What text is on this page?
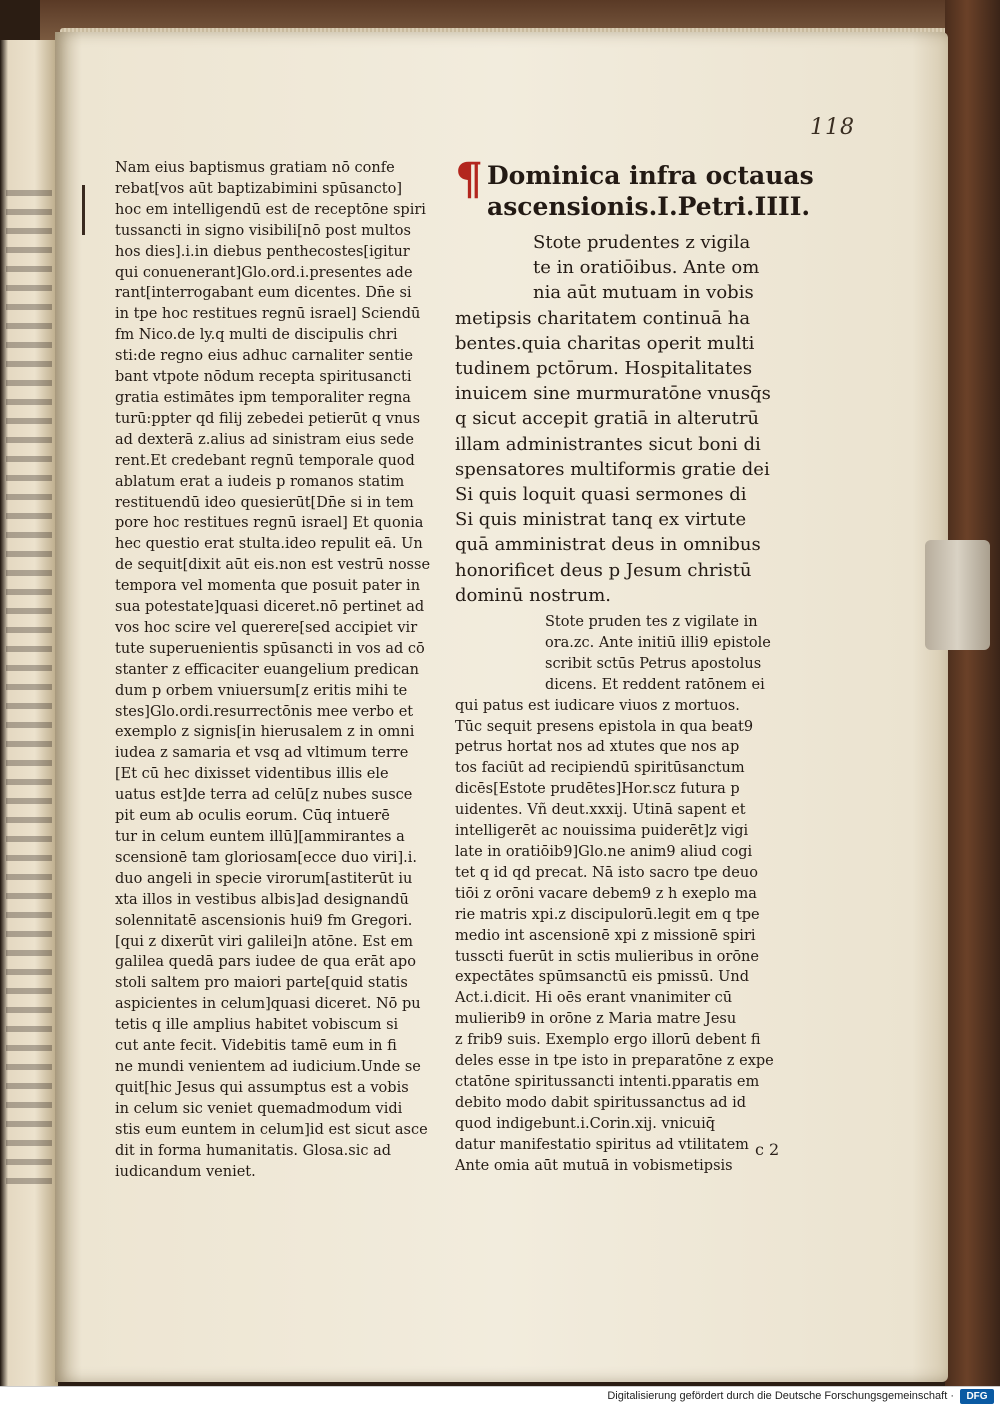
118
Nam eius baptismus gratiam nō confe
rebat[vos aūt baptizabimini spūsancto]
hoc em intelligendū est de receptōne spiri
tussancti in signo visibili[nō post multos
hos dies].i.in diebus penthecostes[igitur
qui conuenerant]Glo.ord.i.presentes ade
rant[interrogabant eum dicentes. Dn̄e si
in tpe hoc restitues regnū israel] Sciendū
fm Nico.de ly.q multi de discipulis chri
sti:de regno eius adhuc carnaliter sentie
bant vtpote nōdum recepta spiritusancti
gratia estimātes ipm temporaliter regna
turū:ppter qd filij zebedei petierūt q vnus
ad dexterā z.alius ad sinistram eius sede
rent.Et credebant regnū temporale quod
ablatum erat a iudeis p romanos statim
restituendū ideo quesierūt[Dn̄e si in tem
pore hoc restitues regnū israel] Et quonia
hec questio erat stulta.ideo repulit eā. Un
de sequit[dixit aūt eis.non est vestrū nosse
tempora vel momenta que posuit pater in
sua potestate]quasi diceret.nō pertinet ad
vos hoc scire vel querere[sed accipiet vir
tute superuenientis spūsancti in vos ad cō
stanter z efficaciter euangelium predican
dum p orbem vniuersum[z eritis mihi te
stes]Glo.ordi.resurrectōnis mee verbo et
exemplo z signis[in hierusalem z in omni
iudea z samaria et vsq ad vltimum terre
[Et cū hec dixisset videntibus illis ele
uatus est]de terra ad celū[z nubes susce
pit eum ab oculis eorum. Cūq intuerē
tur in celum euntem illū][ammirantes a
scensionē tam gloriosam[ecce duo viri].i.
duo angeli in specie virorum[astiterūt iu
xta illos in vestibus albis]ad designandū
solennitatē ascensionis hui9 fm Gregori.
[qui z dixerūt viri galilei]n atōne. Est em
galilea quedā pars iudee de qua erāt apo
stoli saltem pro maiori parte[quid statis
aspicientes in celum]quasi diceret. Nō pu
tetis q ille amplius habitet vobiscum si
cut ante fecit. Videbitis tamē eum in fi
ne mundi venientem ad iudicium.Unde se
quit[hic Jesus qui assumptus est a vobis
in celum sic veniet quemadmodum vidi
stis eum euntem in celum]id est sicut asce
dit in forma humanitatis. Glosa.sic ad
iudicandum veniet.
¶ Dominica infra octauas
ascensionis.I.Petri.IIII.
Stote prudentes z vigila
te in oratiōibus. Ante om
nia aūt mutuam in vobis
metipsis charitatem continuā ha
bentes.quia charitas operit multi
tudinem pctōrum. Hospitalitates
inuicem sine murmuratōne vnusq̄s
q sicut accepit gratiā in alterutrū
illam administrantes sicut boni di
spensatores multiformis gratie dei
Si quis loquit quasi sermones di
Si quis ministrat tanq ex virtute
quā amministrat deus in omnibus
honorificet deus p Jesum christū
dominū nostrum.
Stote pruden tes z vigilate in
ora.zc. Ante initiū illi9 epistole
scribit sctūs Petrus apostolus
dicens. Et reddent ratōnem ei
qui patus est iudicare viuos z mortuos.
Tūc sequit presens epistola in qua beat9
petrus hortat nos ad xtutes que nos ap
tos faciūt ad recipiendū spiritūsanctum
dicēs[Estote prudētes]Hor.scz futura p
uidentes. Vñ deut.xxxij. Utinā sapent et
intelligerēt ac nouissima puiderēt]z vigi
late in oratiōib9]Glo.ne anim9 aliud cogi
tet q id qd precat. Nā isto sacro tpe deuo
tiōi z orōni vacare debem9 z h exeplo ma
rie matris xpi.z discipulorū.legit em q tpe
medio int ascensionē xpi z missionē spiri
tusscti fuerūt in sctis mulieribus in orōne
expectātes spūmsanctū eis pmissū. Und
Act.i.dicit. Hi oēs erant vnanimiter cū
mulierib9 in orōne z Maria matre Jesu
z frib9 suis. Exemplo ergo illorū debent fi
deles esse in tpe isto in preparatōne z expe
ctatōne spiritussancti intenti.pparatis em
debito modo dabit spiritussanctus ad id
quod indigebunt.i.Corin.xij. vnicuiq̄
datur manifestatio spiritus ad vtilitatem
Ante omia aūt mutuā in vobismetipsis
c 2
Digitalisierung gefördert durch die Deutsche Forschungsgemeinschaft ·	DFG
